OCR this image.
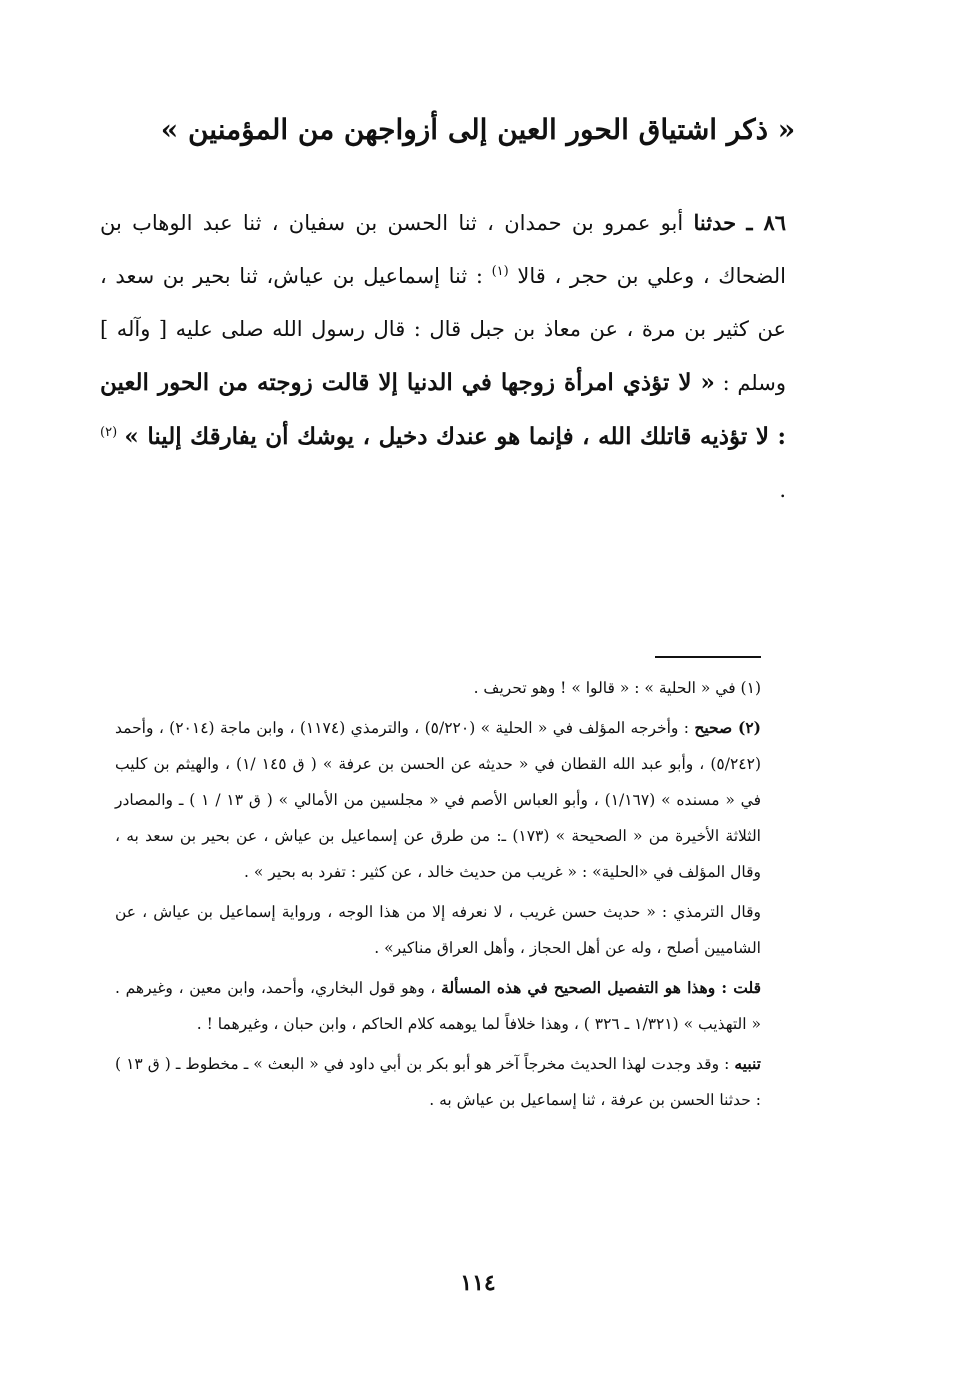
« ذكر اشتياق الحور العين إلى أزواجهن من المؤمنين »
٨٦ ـ حدثنا أبو عمرو بن حمدان ، ثنا الحسن بن سفيان ، ثنا عبد الوهاب بن الضحاك ، وعلي بن حجر ، قالا $^{(١)}$ : ثنا إسماعيل بن عياش، ثنا بحير بن سعد ، عن كثير بن مرة ، عن معاذ بن جبل قال : قال رسول الله صلى عليه [ وآله ] وسلم : « لا تؤذي امرأة زوجها في الدنيا إلا قالت زوجته من الحور العين : لا تؤذيه قاتلك الله ، فإنما هو عندك دخيل ، يوشك أن يفارقك إلينا » $^{(٢)}$ .

(١) في « الحلية » : « قالوا » ! وهو تحريف .

(٢) صحيح : وأخرجه المؤلف في « الحلية » (٥/٢٢٠) ، والترمذي (١١٧٤) ، وابن ماجة (٢٠١٤) ، وأحمد (٥/٢٤٢) ، وأبو عبد الله القطان في « حديثه عن الحسن بن عرفة » ( ق ١٤٥ /١) ، والهيثم بن كليب في « مسنده » (١/١٦٧) ، وأبو العباس الأصم في « مجلسين من الأمالي » ( ق ١٣ / ١ ) ـ والمصادر الثلاثة الأخيرة من « الصحيحة » (١٧٣) ـ: من طرق عن إسماعيل بن عياش ، عن بحير بن سعد به ، وقال المؤلف في «الحلية» : « غريب من حديث خالد ، عن كثير : تفرد به بحير » .

وقال الترمذي : « حديث حسن غريب ، لا نعرفه إلا من هذا الوجه ، ورواية إسماعيل بن عياش ، عن الشاميين أصلح ، وله عن أهل الحجاز ، وأهل العراق مناكير» .

قلت : وهذا هو التفصيل الصحيح في هذه المسألة ، وهو قول البخاري، وأحمد، وابن معين ، وغيرهم . « التهذيب » (١/٣٢١ ـ ٣٢٦ ) ، وهذا خلافاً لما يوهمه كلام الحاكم ، وابن حبان ، وغيرهما ! .

تنبيه : وقد وجدت لهذا الحديث مخرجاً آخر هو أبو بكر بن أبي داود في « البعث » ـ مخطوط ـ ( ق ١٣ ) : حدثنا الحسن بن عرفة ، ثنا إسماعيل بن عياش به .

١١٤
